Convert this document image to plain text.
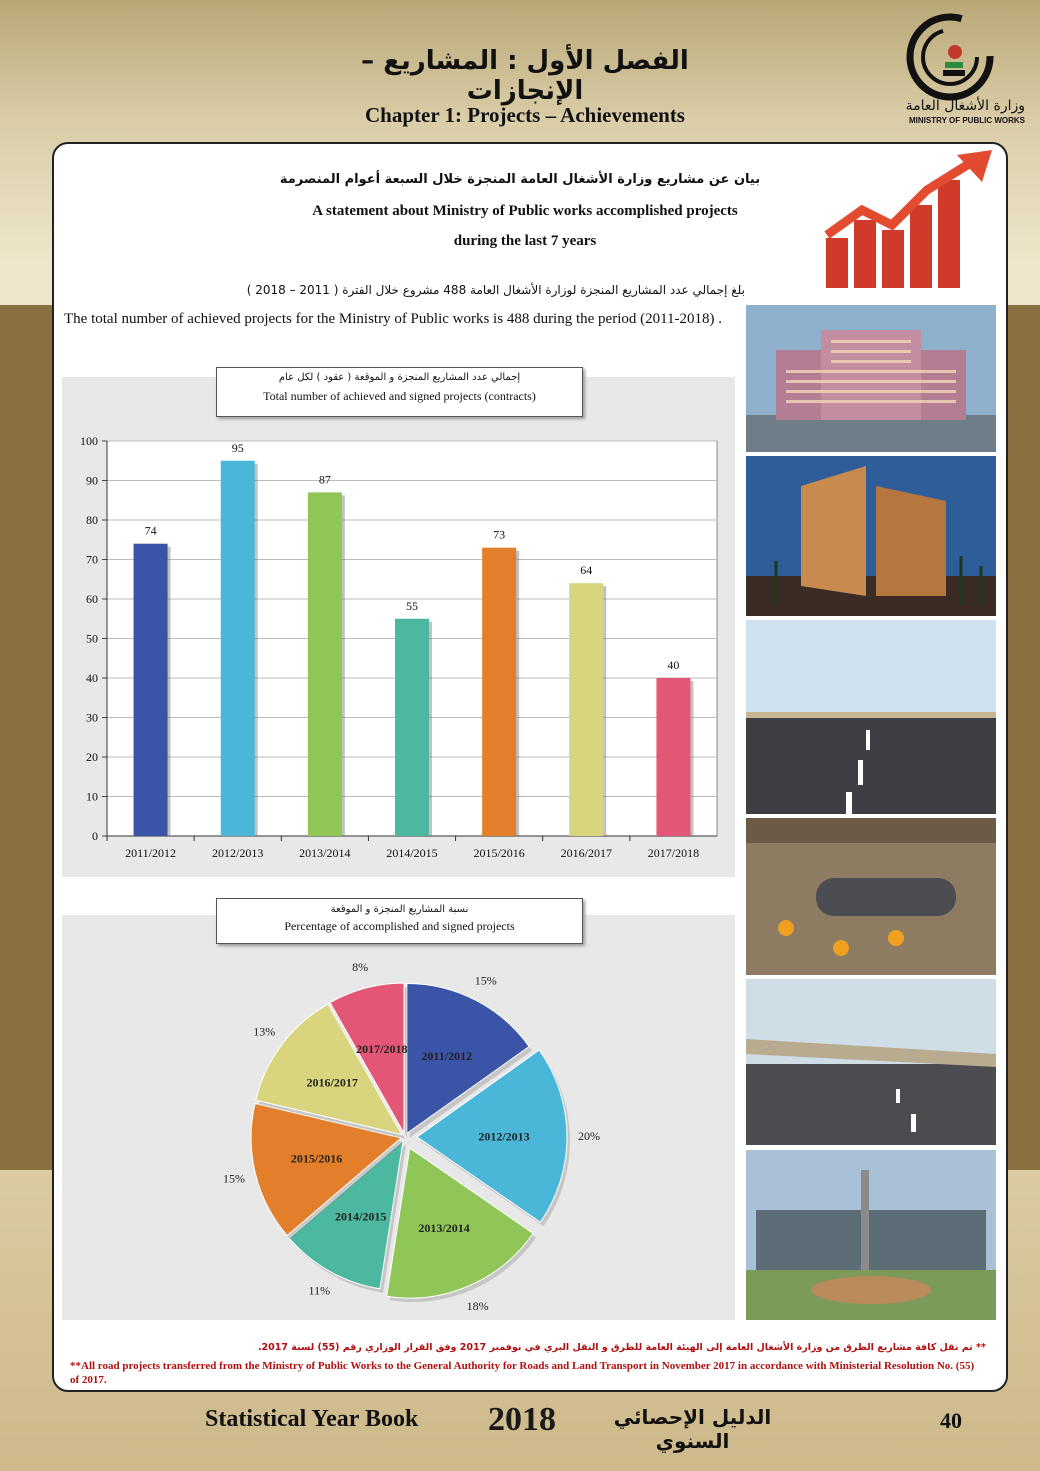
الفصل الأول : المشاريع – الإنجازات
Chapter 1: Projects – Achievements	وزارة الأشغال العامة
MINISTRY OF PUBLIC WORKS
بيان عن مشاريع وزارة الأشغال العامة المنجزة خلال السبعة أعوام المنصرمة
A statement about Ministry of Public works accomplished projects
during the last 7 years
بلغ إجمالي عدد المشاريع المنجزة لوزارة الأشغال العامة 488 مشروع خلال الفترة ( 2011 – 2018 )
The total number of achieved projects for the Ministry of Public works is 488 during the period (2011-2018) .
إجمالي عدد المشاريع المنجزة و الموقعة ( عقود ) لكل عام
Total number of achieved and signed projects (contracts)
0
10
20
30
40
50
60
70
80
90
100
74
2011/2012
95
2012/2013
87
2013/2014
55
2014/2015
73
2015/2016
64
2016/2017
40
2017/2018
نسبة المشاريع المنجزة و الموقعة
Percentage of accomplished and signed projects
2011/2012
15%
2012/2013	20%
2013/2014
18%
2014/2015
11%
2015/2016
15%
2016/2017
13%
2017/2018
8%
** تم نقل كافة مشاريع الطرق من وزارة الأشغال العامة إلى الهيئة العامة للطرق و النقل البري في نوفمبر 2017 وفق القرار الوزاري رقم (55) لسنة 2017.
**All road projects transferred from the Ministry of Public Works to the General Authority for Roads and Land Transport in November 2017 in accordance with Ministerial Resolution No. (55) of 2017.
Statistical Year Book 2018	الدليل الإحصائي السنوي
40
